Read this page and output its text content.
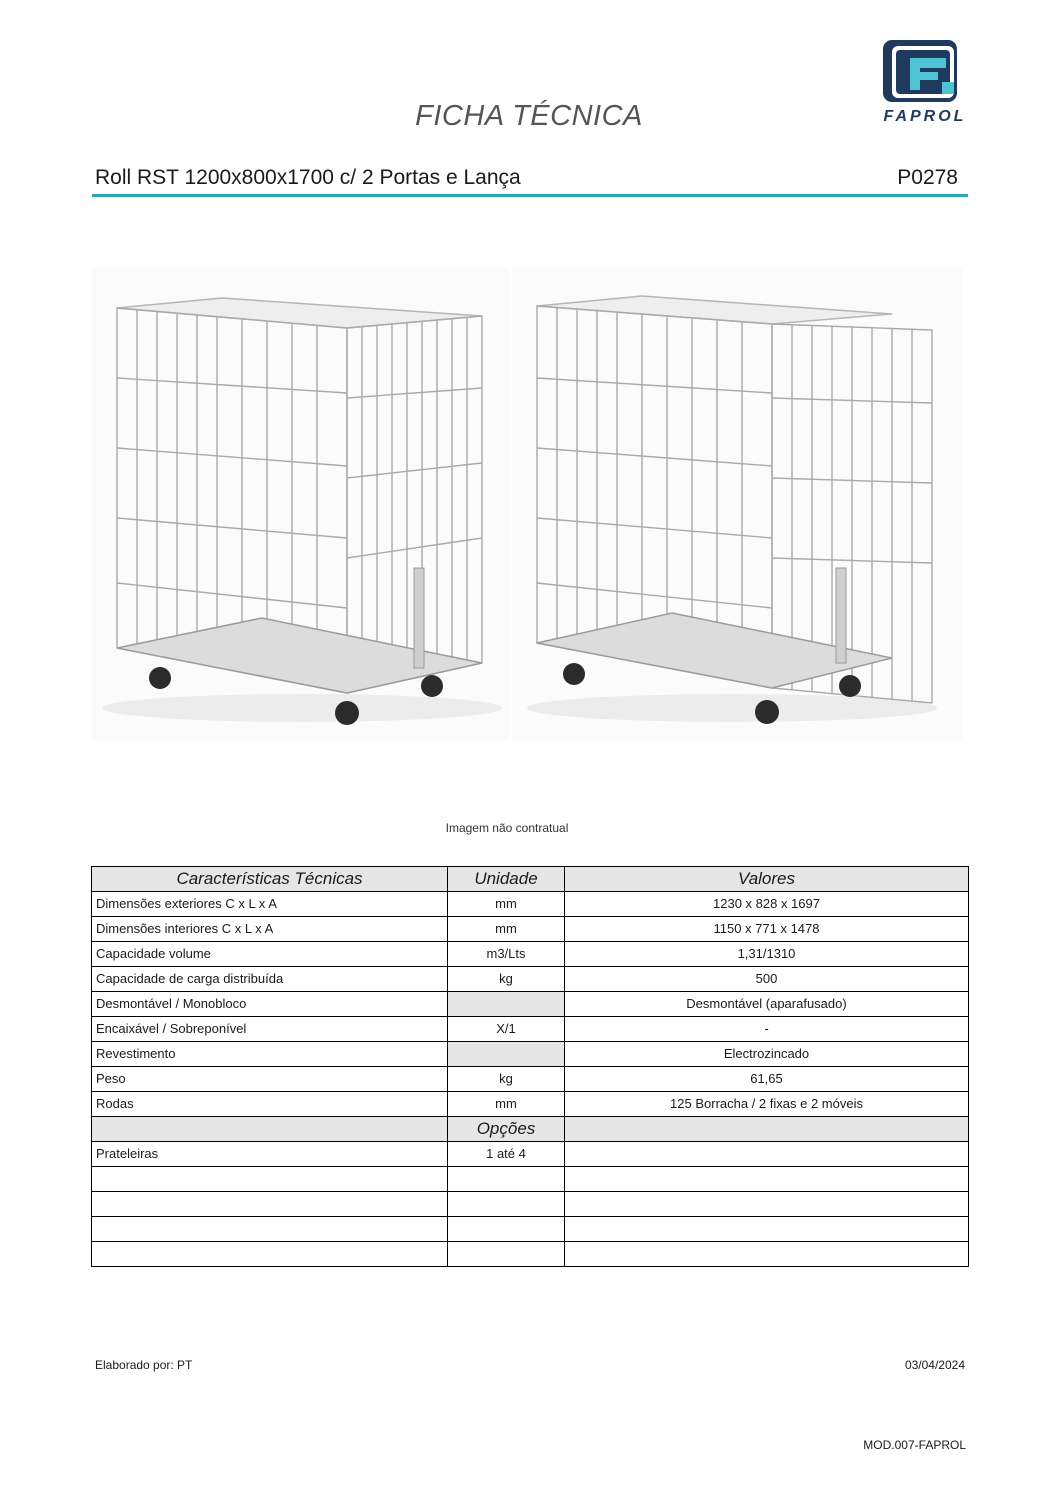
FICHA TÉCNICA	FAPROL
Roll RST 1200x800x1700 c/ 2 Portas e Lança	P0278
Imagem não contratual
Características Técnicas	Unidade	Valores
Dimensões exteriores C x L x A	mm	1230 x 828 x 1697
Dimensões interiores C x L x A	mm	1150 x 771 x 1478
Capacidade volume	m3/Lts	1,31/1310
Capacidade de carga distribuída	kg	500
Desmontável / Monobloco		Desmontável (aparafusado)
Encaixável / Sobreponível	X/1	-
Revestimento		Electrozincado
Peso	kg	61,65
Rodas	mm	125 Borracha / 2 fixas e 2 móveis
	Opções	
Prateleiras	1 até 4	

Elaborado por: PT	03/04/2024
MOD.007-FAPROL
